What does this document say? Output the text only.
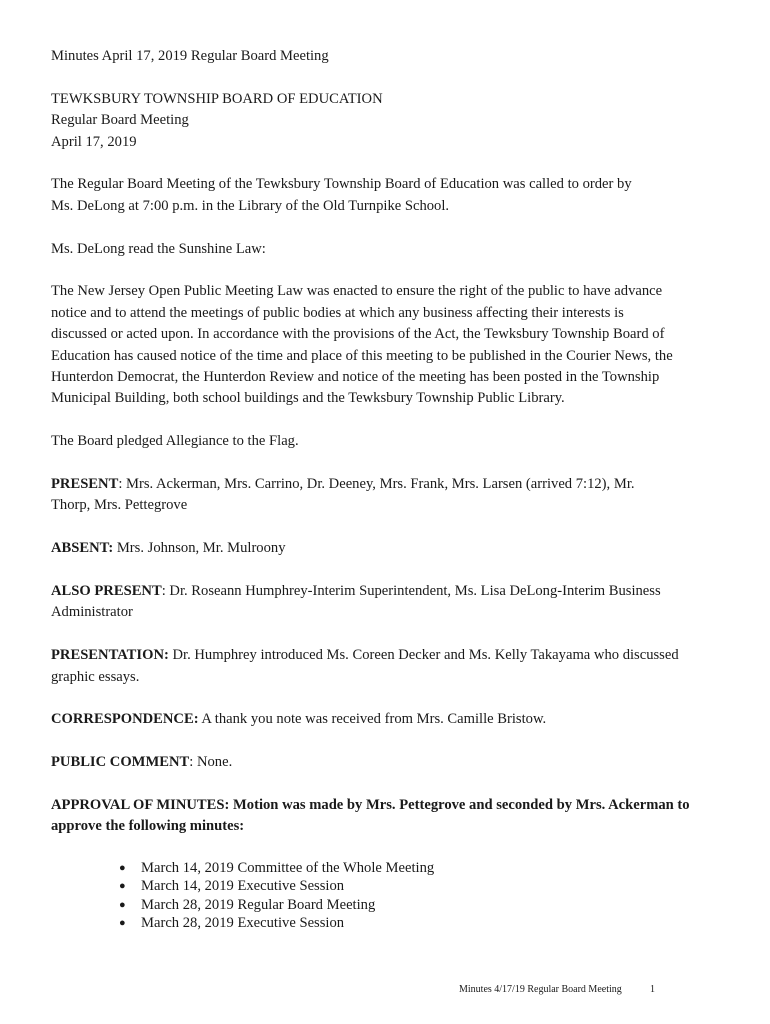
Minutes April 17, 2019 Regular Board Meeting

TEWKSBURY TOWNSHIP BOARD OF EDUCATION

Regular Board Meeting

April 17, 2019

The Regular Board Meeting of the Tewksbury Township Board of Education was called to order by

Ms. DeLong at 7:00 p.m. in the Library of the Old Turnpike School.

Ms. DeLong read the Sunshine Law:

The New Jersey Open Public Meeting Law was enacted to ensure the right of the public to have advance

notice and to attend the meetings of public bodies at which any business affecting their interests is

discussed or acted upon. In accordance with the provisions of the Act, the Tewksbury Township Board of

Education has caused notice of the time and place of this meeting to be published in the Courier News, the

Hunterdon Democrat, the Hunterdon Review and notice of the meeting has been posted in the Township

Municipal Building, both school buildings and the Tewksbury Township Public Library.

The Board pledged Allegiance to the Flag.

PRESENT: Mrs. Ackerman, Mrs. Carrino, Dr. Deeney, Mrs. Frank, Mrs. Larsen (arrived 7:12), Mr.

Thorp, Mrs. Pettegrove

ABSENT: Mrs. Johnson, Mr. Mulroony

ALSO PRESENT: Dr. Roseann Humphrey-Interim Superintendent, Ms. Lisa DeLong-Interim Business

Administrator

PRESENTATION: Dr. Humphrey introduced Ms. Coreen Decker and Ms. Kelly Takayama who discussed

graphic essays.

CORRESPONDENCE: A thank you note was received from Mrs. Camille Bristow.

PUBLIC COMMENT: None.

APPROVAL OF MINUTES: Motion was made by Mrs. Pettegrove and seconded by Mrs. Ackerman to

approve the following minutes:

● March 14, 2019 Committee of the Whole Meeting
● March 14, 2019 Executive Session
● March 28, 2019 Regular Board Meeting
● March 28, 2019 Executive Session
Minutes 4/17/19 Regular Board Meeting	1
